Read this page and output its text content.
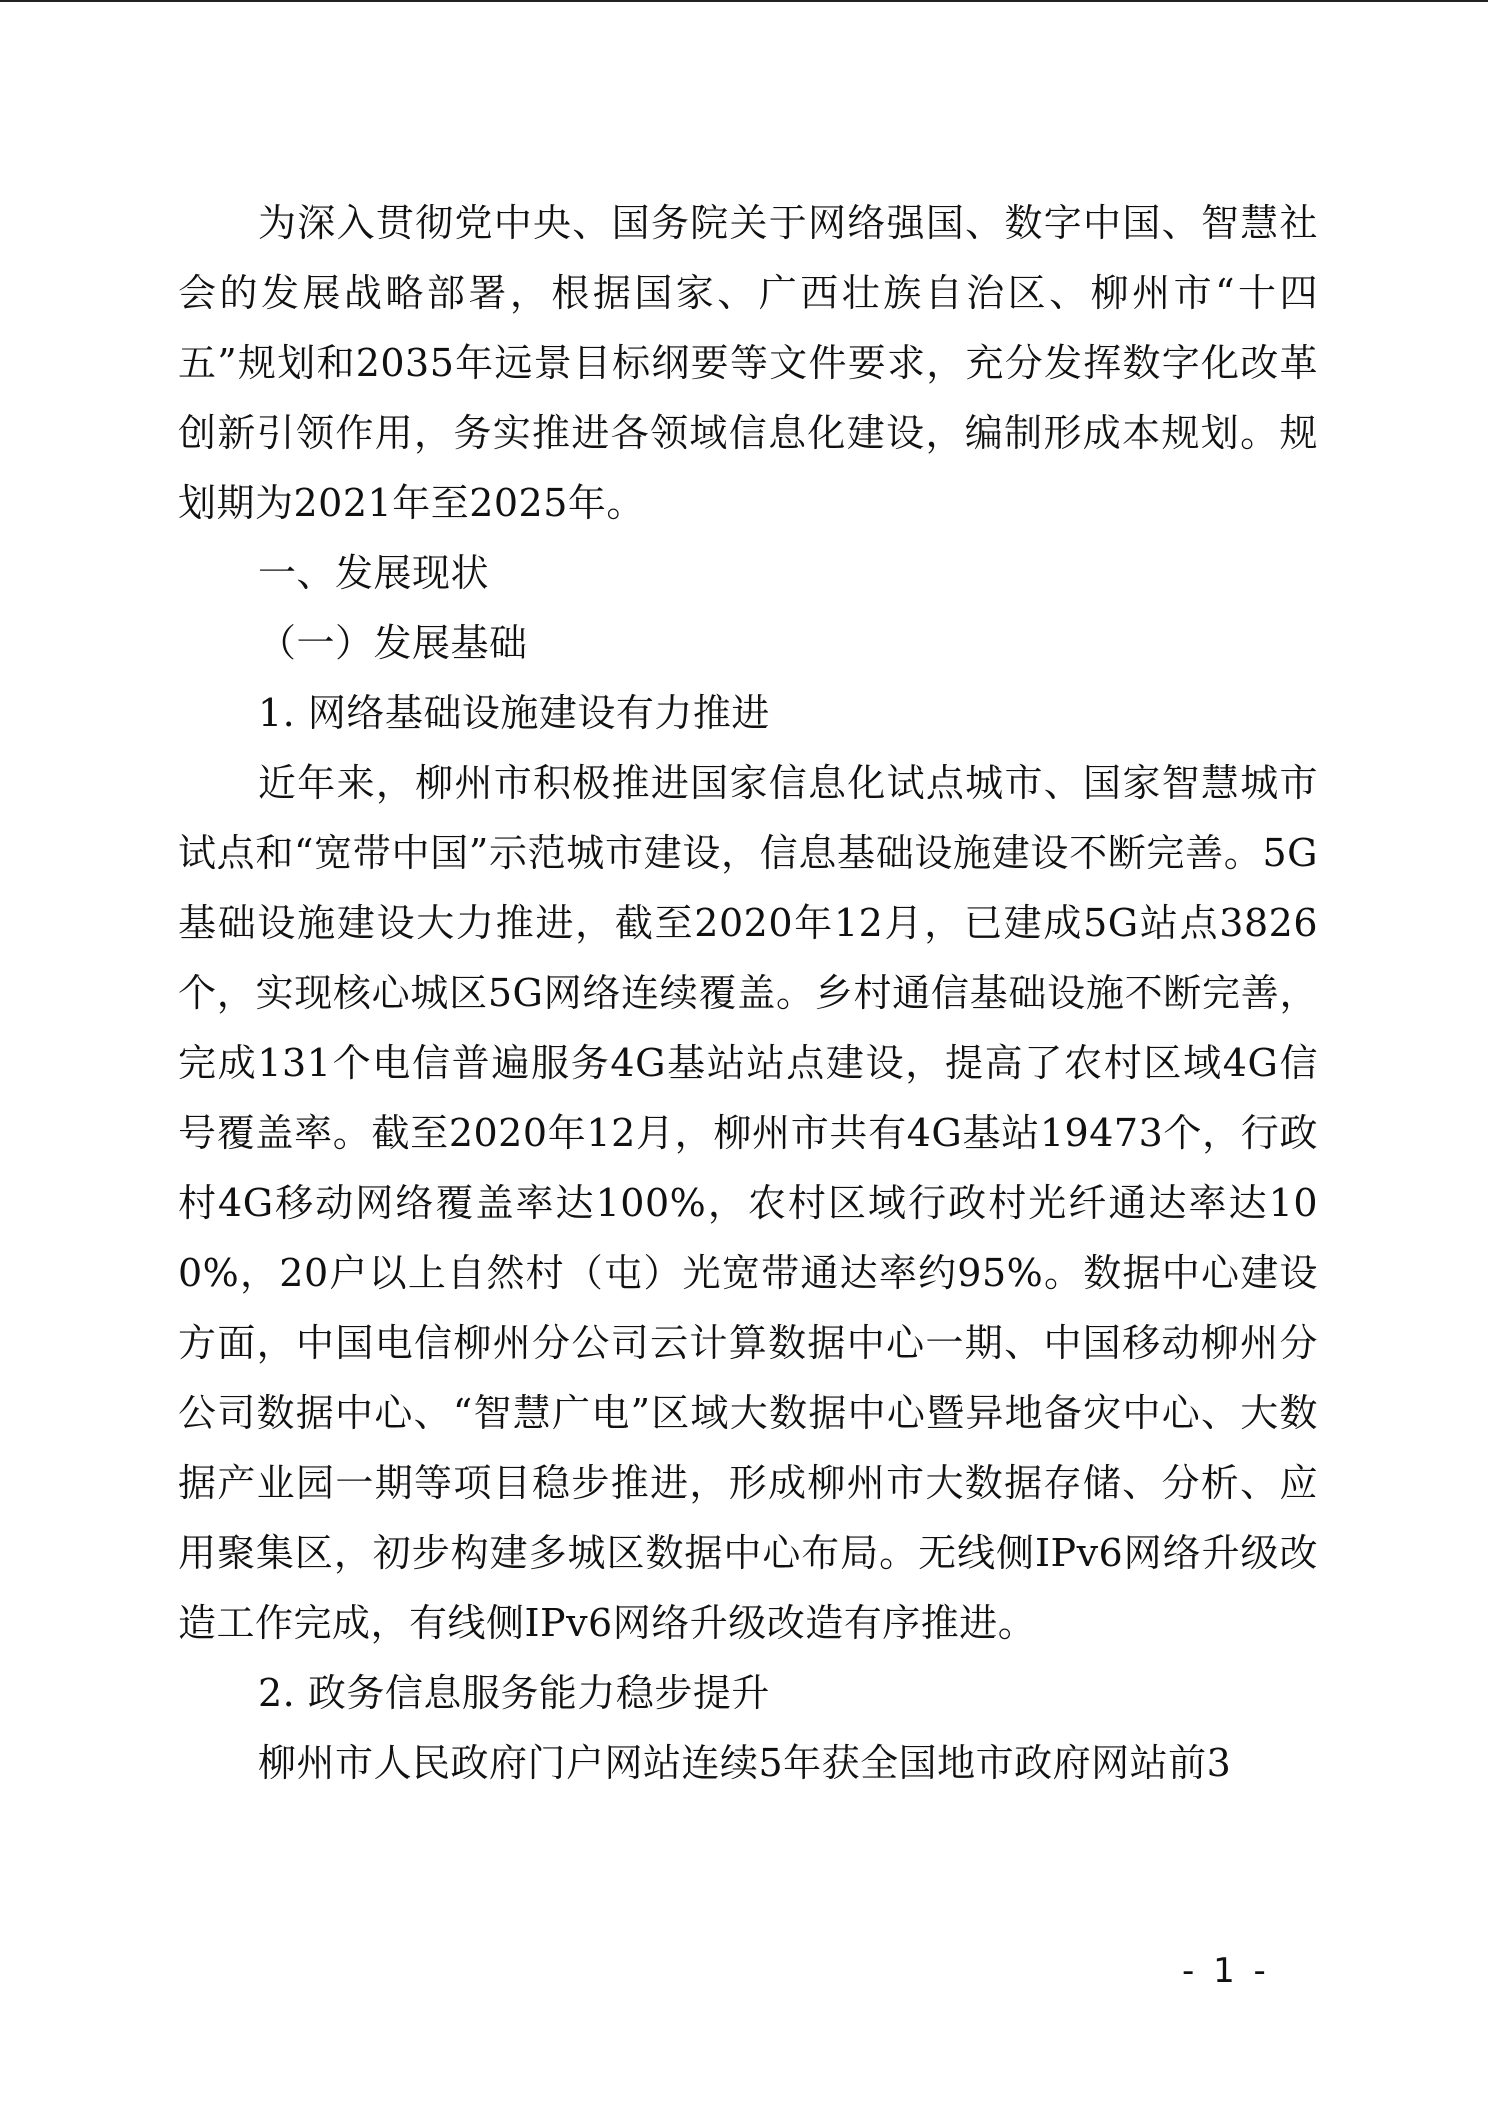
为深入贯彻党中央、国务院关于网络强国、数字中国、智慧社会的发展战略部署，根据国家、广西壮族自治区、柳州市“十四五”规划和2035年远景目标纲要等文件要求，充分发挥数字化改革创新引领作用，务实推进各领域信息化建设，编制形成本规划。规划期为2021年至2025年。

一、发展现状

（一）发展基础

1. 网络基础设施建设有力推进

近年来，柳州市积极推进国家信息化试点城市、国家智慧城市试点和“宽带中国”示范城市建设，信息基础设施建设不断完善。5G基础设施建设大力推进，截至2020年12月，已建成5G站点3826个，实现核心城区5G网络连续覆盖。乡村通信基础设施不断完善，完成131个电信普遍服务4G基站站点建设，提高了农村区域4G信号覆盖率。截至2020年12月，柳州市共有4G基站19473个，行政村4G移动网络覆盖率达100%，农村区域行政村光纤通达率达100%，20户以上自然村（屯）光宽带通达率约95%。数据中心建设方面，中国电信柳州分公司云计算数据中心一期、中国移动柳州分公司数据中心、“智慧广电”区域大数据中心暨异地备灾中心、大数据产业园一期等项目稳步推进，形成柳州市大数据存储、分析、应用聚集区，初步构建多城区数据中心布局。无线侧IPv6网络升级改造工作完成，有线侧IPv6网络升级改造有序推进。

2. 政务信息服务能力稳步提升

柳州市人民政府门户网站连续5年获全国地市政府网站前3

- 1 -
